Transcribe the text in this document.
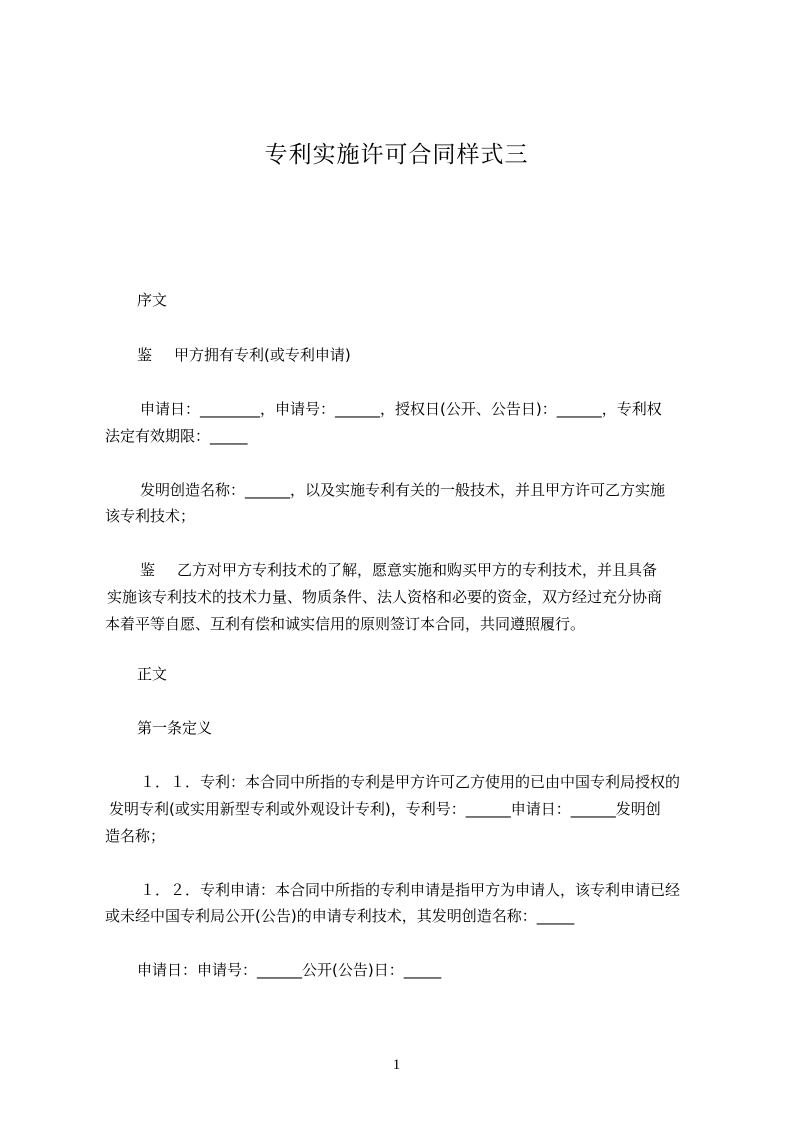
专利实施许可合同样式三
序文
鉴 甲方拥有专利(或专利申请)
申请日：________，申请号：______，授权日(公开、公告日)：______，专利权
法定有效期限：_____
发明创造名称：______，以及实施专利有关的一般技术，并且甲方许可乙方实施
该专利技术；
鉴 乙方对甲方专利技术的了解，愿意实施和购买甲方的专利技术，并且具备
实施该专利技术的技术力量、物质条件、法人资格和必要的资金，双方经过充分协商
本着平等自愿、互利有偿和诚实信用的原则签订本合同，共同遵照履行。
正文
第一条定义
１．１．专利：本合同中所指的专利是甲方许可乙方使用的已由中国专利局授权的
发明专利(或实用新型专利或外观设计专利)，专利号：______申请日：______发明创
造名称；
１．２．专利申请：本合同中所指的专利申请是指甲方为申请人，该专利申请已经
或未经中国专利局公开(公告)的申请专利技术，其发明创造名称：_____
申请日：申请号：______公开(公告)日：_____
1
